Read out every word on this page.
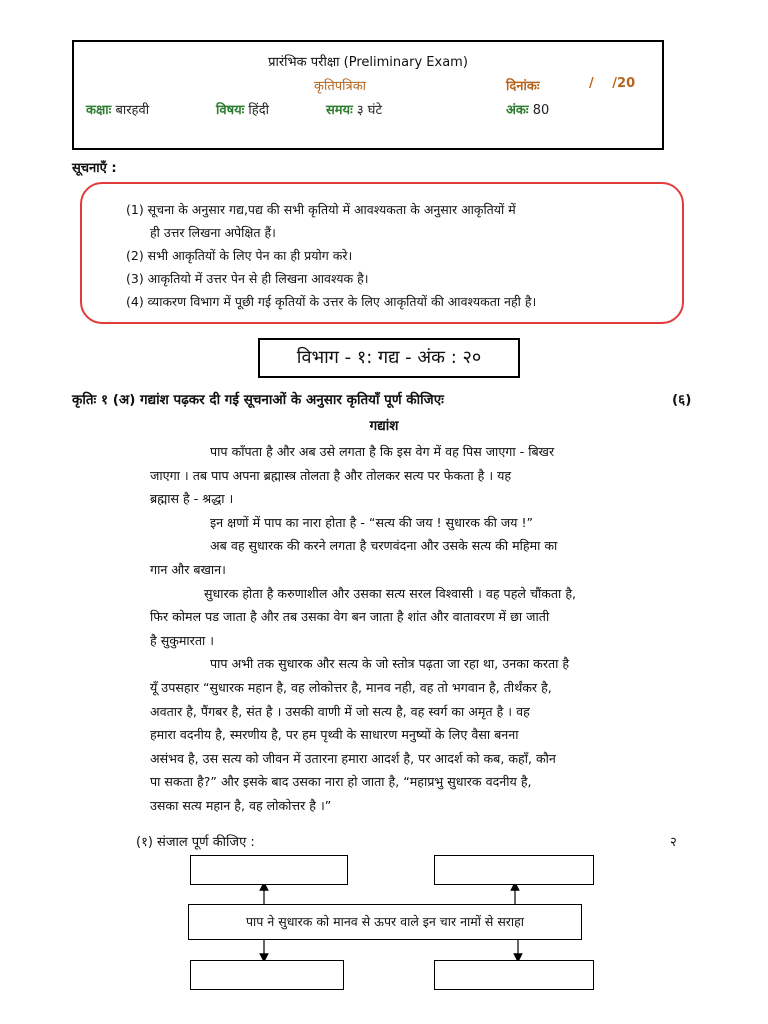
प्रारंभिक परीक्षा (Preliminary Exam)
कृतिपत्रिका	दिनांकः	/ /20
कक्षाः बारहवी	विषयः हिंदी	समयः ३ घंटे	अंकः 80
सूचनाएँ :
(1) सूचना के अनुसार गद्य,पद्य की सभी कृतियो में आवश्यकता के अनुसार आकृतियों में
ही उत्तर लिखना अपेक्षित हैं।
(2) सभी आकृतियों के लिए पेन का ही प्रयोग करे।
(3) आकृतियो में उत्तर पेन से ही लिखना आवश्यक है।
(4) व्याकरण विभाग में पूछी गई कृतियों के उत्तर के लिए आकृतियों की आवश्यकता नही है।
विभाग - १: गद्य - अंक : २०
कृतिः १ (अ) गद्यांश पढ़कर दी गई सूचनाओं के अनुसार कृतियाँ पूर्ण कीजिएः	(६)
गद्यांश
पाप काँपता है और अब उसे लगता है कि इस वेग में वह पिस जाएगा - बिखर
जाएगा । तब पाप अपना ब्रह्मास्त्र तोलता है और तोलकर सत्य पर फेकता है । यह
ब्रह्मास है - श्रद्धा ।
इन क्षणों में पाप का नारा होता है - “सत्य की जय ! सुधारक की जय !”
अब वह सुधारक की करने लगता है चरणवंदना और उसके सत्य की महिमा का
गान और बखान।
सुधारक होता है करुणाशील और उसका सत्य सरल विश्वासी । वह पहले चौंकता है,
फिर कोमल पड जाता है और तब उसका वेग बन जाता है शांत और वातावरण में छा जाती
है सुकुमारता ।
पाप अभी तक सुधारक और सत्य के जो स्तोत्र पढ़ता जा रहा था, उनका करता है
यूँ उपसहार “सुधारक महान है, वह लोकोत्तर है, मानव नही, वह तो भगवान है, तीर्थंकर है,
अवतार है, पैंगबर है, संत है । उसकी वाणी में जो सत्य है, वह स्वर्ग का अमृत है । वह
हमारा वदनीय है, स्मरणीय है, पर हम पृथ्वी के साधारण मनुष्यों के लिए वैसा बनना
असंभव है, उस सत्य को जीवन में उतारना हमारा आदर्श है, पर आदर्श को कब, कहाँ, कौन
पा सकता है?” और इसके बाद उसका नारा हो जाता है, “महाप्रभु सुधारक वदनीय है,
उसका सत्य महान है, वह लोकोत्तर है ।”
(१) संजाल पूर्ण कीजिए :	२
पाप ने सुधारक को मानव से ऊपर वाले इन चार नामों से सराहा
